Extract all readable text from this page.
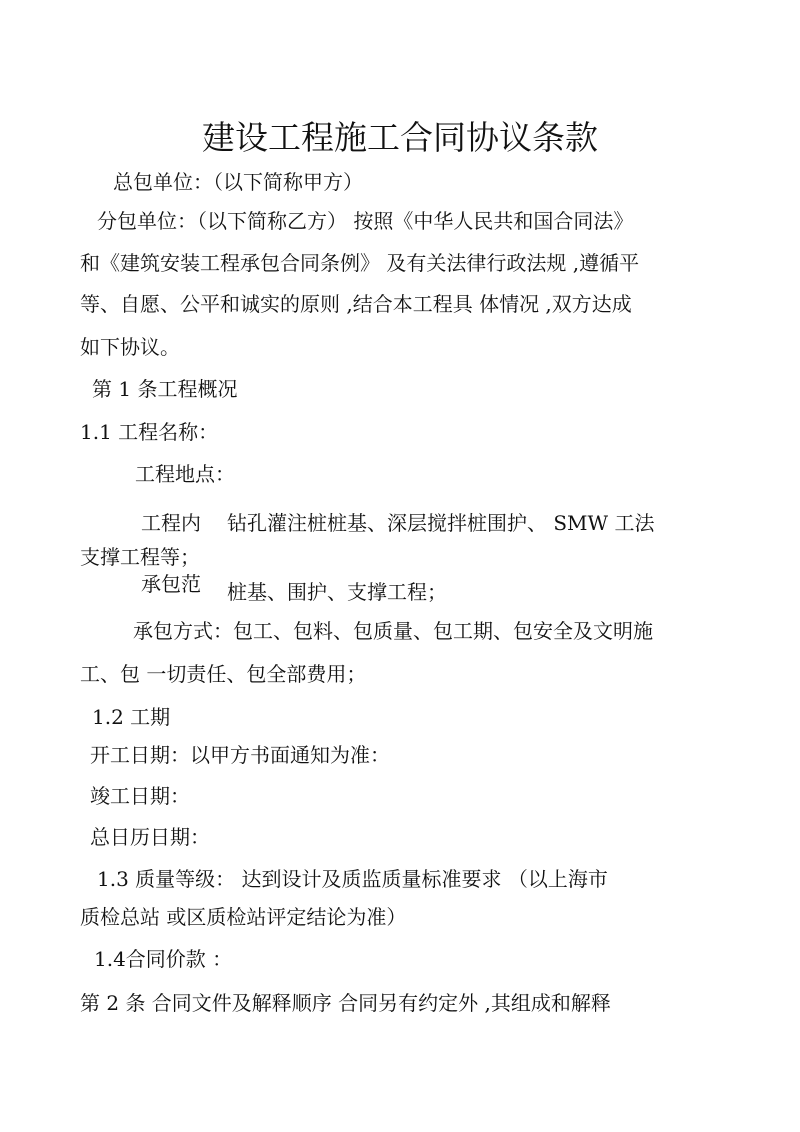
建设工程施工合同协议条款
总包单位：（以下简称甲方）
分包单位：（以下简称乙方） 按照《中华人民共和国合同法》
和《建筑安装工程承包合同条例》 及有关法律行政法规 ,遵循平
等、自愿、公平和诚实的原则 ,结合本工程具 体情况 ,双方达成
如下协议。
第 1 条工程概况
1.1 工程名称：
工程地点：
工程内 钻孔灌注桩桩基、深层搅拌桩围护、 SMW 工法
支撑工程等；
承包范 桩基、围护、支撑工程；
承包方式：包工、包料、包质量、包工期、包安全及文明施
工、包 一切责任、包全部费用；
1.2 工期
开工日期：以甲方书面通知为准：
竣工日期：
总日历日期：
1.3 质量等级： 达到设计及质监质量标准要求 （以上海市
质检总站 或区质检站评定结论为准）
1.4合同价款 ：
第 2 条 合同文件及解释顺序 合同另有约定外 ,其组成和解释
